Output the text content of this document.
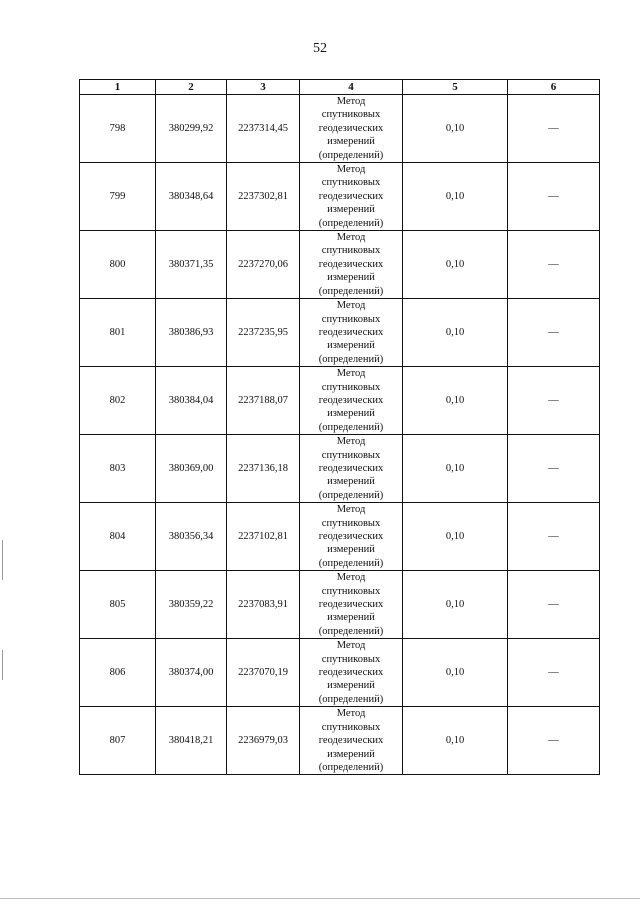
52
1	2	3	4	5	6
798	380299,92	2237314,45	Метод
спутниковых
геодезических
измерений
(определений)	0,10	—
799	380348,64	2237302,81	Метод
спутниковых
геодезических
измерений
(определений)	0,10	—
800	380371,35	2237270,06	Метод
спутниковых
геодезических
измерений
(определений)	0,10	—
801	380386,93	2237235,95	Метод
спутниковых
геодезических
измерений
(определений)	0,10	—
802	380384,04	2237188,07	Метод
спутниковых
геодезических
измерений
(определений)	0,10	—
803	380369,00	2237136,18	Метод
спутниковых
геодезических
измерений
(определений)	0,10	—
804	380356,34	2237102,81	Метод
спутниковых
геодезических
измерений
(определений)	0,10	—
805	380359,22	2237083,91	Метод
спутниковых
геодезических
измерений
(определений)	0,10	—
806	380374,00	2237070,19	Метод
спутниковых
геодезических
измерений
(определений)	0,10	—
807	380418,21	2236979,03	Метод
спутниковых
геодезических
измерений
(определений)	0,10	—
